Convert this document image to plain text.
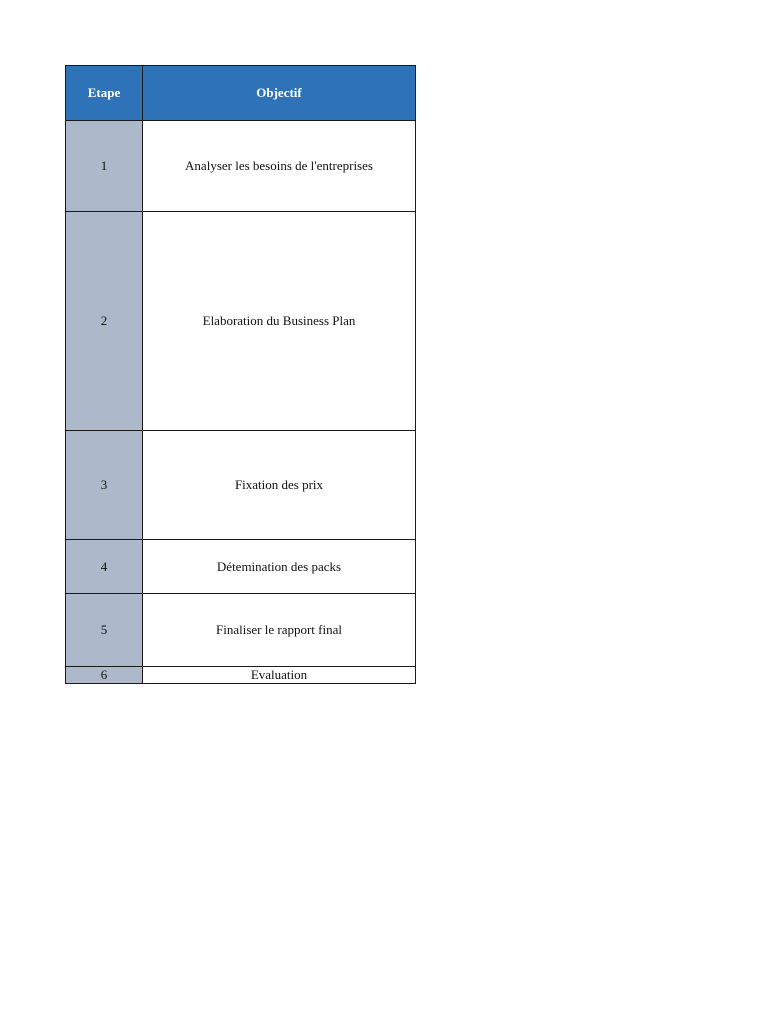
Etape	Objectif
1	Analyser les besoins de l'entreprises
2	Elaboration du Business Plan
3	Fixation des prix
4	Détemination des packs
5	Finaliser le rapport final
6	Evaluation
